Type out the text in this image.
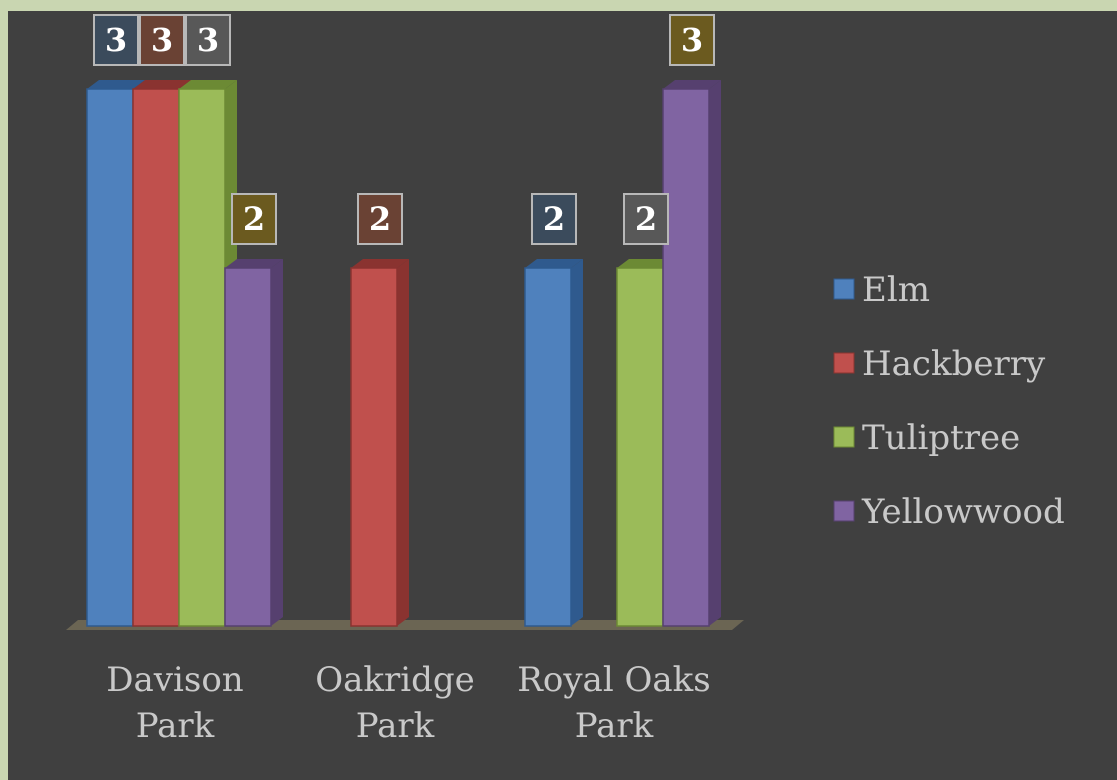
3 3 3
2	2	2 2
3
Davison Park
Oakridge Park
Royal Oaks Park
Elm
Hackberry
Tuliptree
Yellowwood
